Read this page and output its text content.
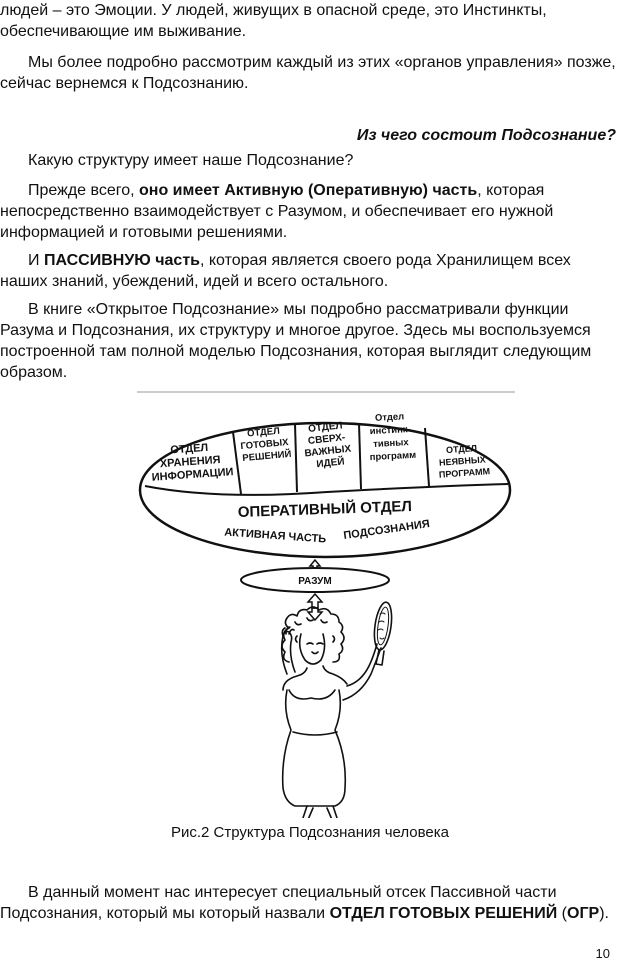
людей – это Эмоции. У людей, живущих в опасной среде, это Инстинкты,
обеспечивающие им выживание.

Мы более подробно рассмотрим каждый из этих «органов управления» позже, сейчас вернемся к Подсознанию.

Из чего состоит Подсознание?

Какую структуру имеет наше Подсознание?

Прежде всего, оно имеет Активную (Оперативную) часть, которая непосредственно взаимодействует с Разумом, и обеспечивает его нужной информацией и готовыми решениями.

И ПАССИВНУЮ часть, которая является своего рода Хранилищем всех наших знаний, убеждений, идей и всего остального.

В книге «Открытое Подсознание» мы подробно рассматривали функции Разума и Подсознания, их структуру и многое другое. Здесь мы воспользуемся построенной там полной моделью Подсознания, которая выглядит следующим образом.

ОТДЕЛ ХРАНЕНИЯ ИНФОРМАЦИИ
ОТДЕЛ ГОТОВЫХ РЕШЕНИЙ
ОТДЕЛ СВЕРХ- ВАЖНЫХ ИДЕЙ
Отдел инстинк- тивных программ
ОТДЕЛ НЕЯВНЫХ ПРОГРАММ
ОПЕРАТИВНЫЙ ОТДЕЛ
АКТИВНАЯ ЧАСТЬ ПОДСОЗНАНИЯ
РАЗУМ
Рис.2 Структура Подсознания человека

В данный момент нас интересует специальный отсек Пассивной части Подсознания, который мы который назвали ОТДЕЛ ГОТОВЫХ РЕШЕНИЙ (ОГР).

10
